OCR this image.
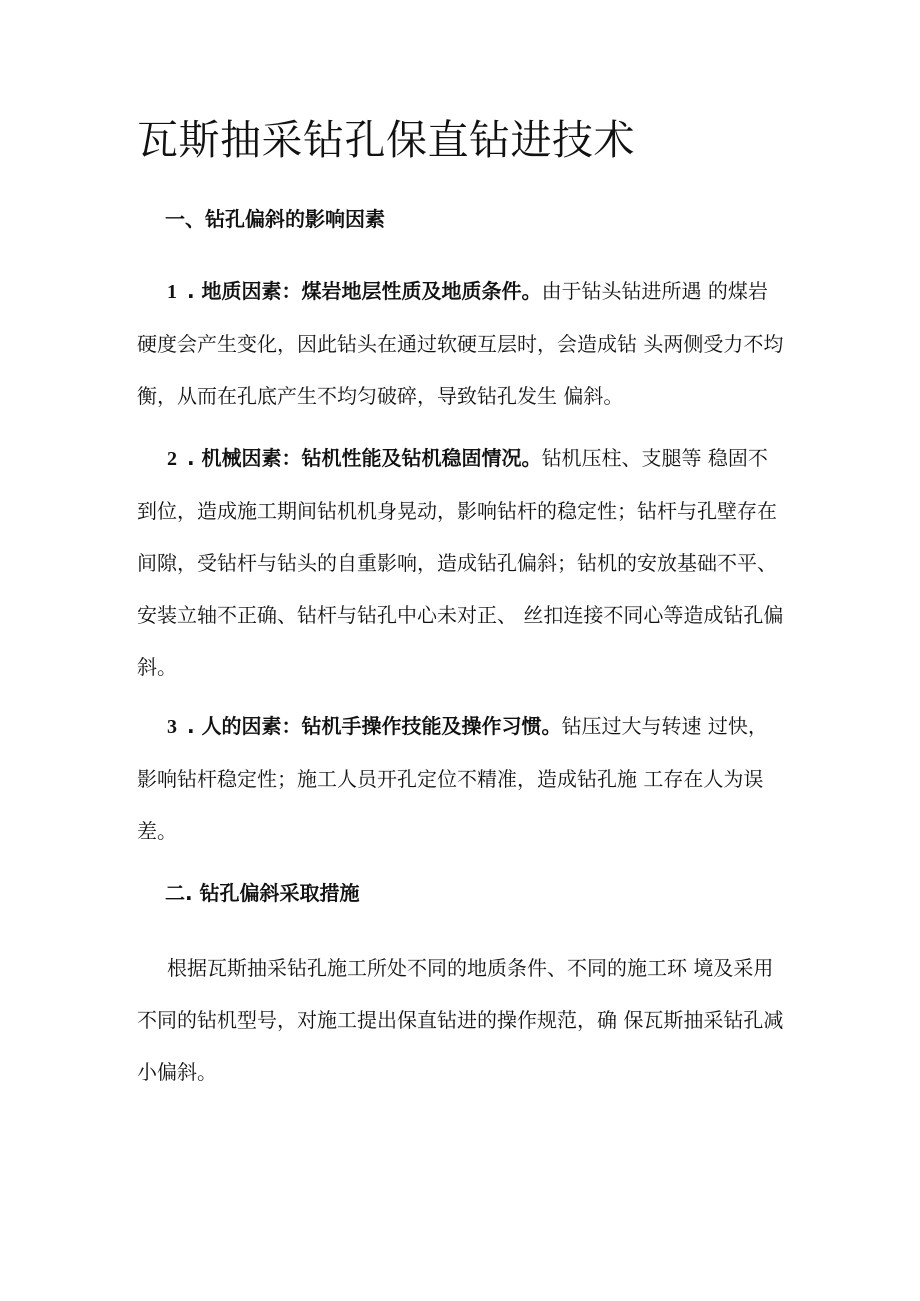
瓦斯抽采钻孔保直钻进技术
一、钻孔偏斜的影响因素

1 . 地质因素：煤岩地层性质及地质条件。由于钻头钻进所遇 的煤岩硬度会产生变化，因此钻头在通过软硬互层时，会造成钻 头两侧受力不均衡，从而在孔底产生不均匀破碎，导致钻孔发生 偏斜。

2 . 机械因素：钻机性能及钻机稳固情况。钻机压柱、支腿等 稳固不到位，造成施工期间钻机机身晃动，影响钻杆的稳定性；钻杆与孔壁存在间隙，受钻杆与钻头的自重影响，造成钻孔偏斜；钻机的安放基础不平、安装立轴不正确、钻杆与钻孔中心未对正、 丝扣连接不同心等造成钻孔偏斜。

3 . 人的因素：钻机手操作技能及操作习惯。钻压过大与转速 过快，影响钻杆稳定性；施工人员开孔定位不精准，造成钻孔施 工存在人为误差。

二. 钻孔偏斜采取措施

根据瓦斯抽采钻孔施工所处不同的地质条件、不同的施工环 境及采用不同的钻机型号，对施工提出保直钻进的操作规范，确 保瓦斯抽采钻孔减小偏斜。
